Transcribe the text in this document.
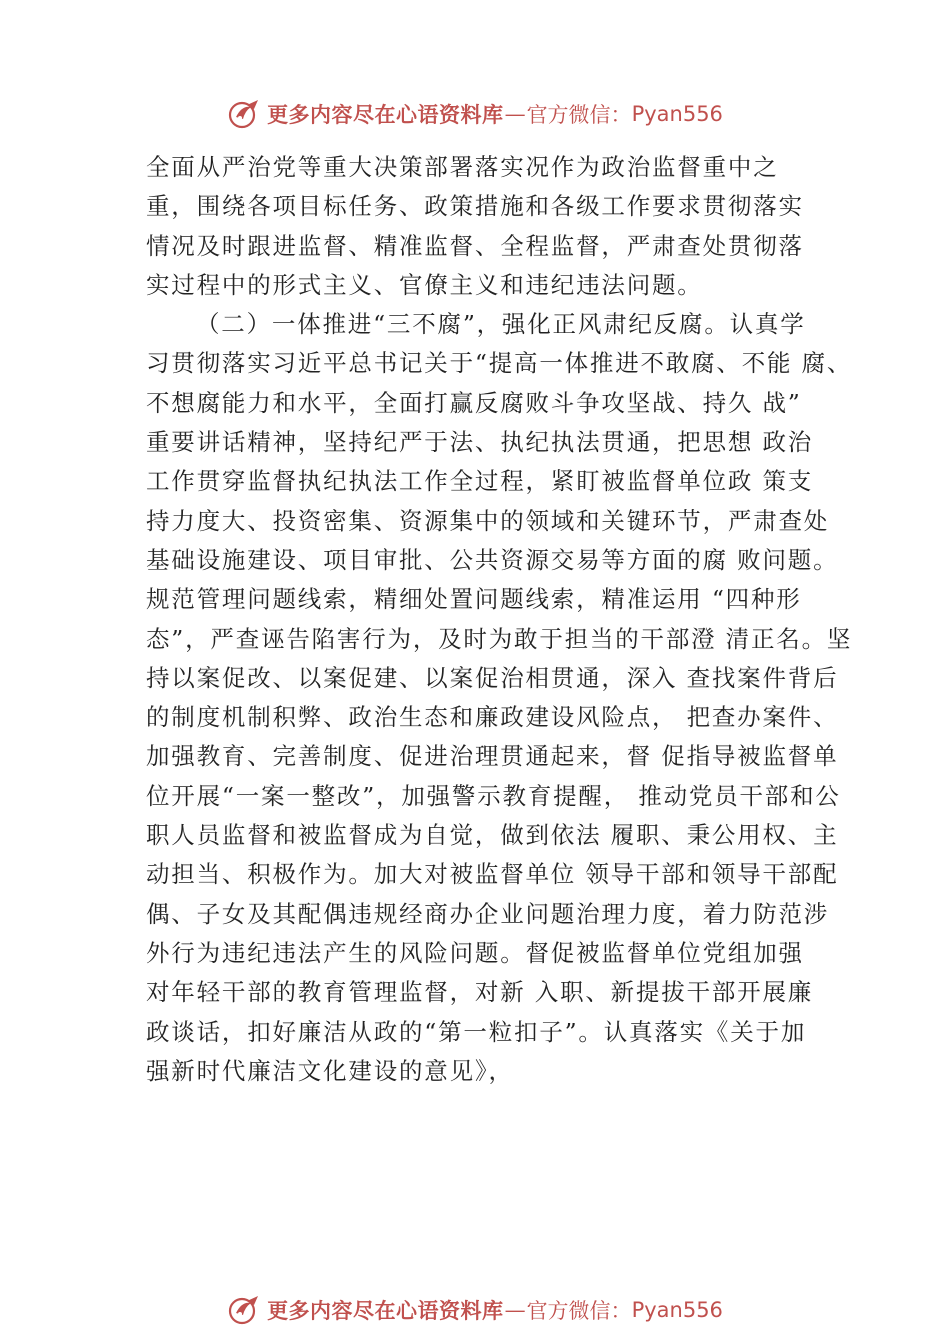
更多内容尽在心语资料库 — 官方微信： Pyan556
全面从严治党等重大决策部署落实况作为政治监督重中之
重，围绕各项目标任务、政策措施和各级工作要求贯彻落实
情况及时跟进监督、精准监督、全程监督，严肃查处贯彻落
实过程中的形式主义、官僚主义和违纪违法问题。
（二）一体推进“三不腐”，强化正风肃纪反腐。认真学
习贯彻落实习近平总书记关于“提高一体推进不敢腐、不能 腐、
不想腐能力和水平，全面打赢反腐败斗争攻坚战、持久 战”
重要讲话精神，坚持纪严于法、执纪执法贯通，把思想 政治
工作贯穿监督执纪执法工作全过程，紧盯被监督单位政 策支
持力度大、投资密集、资源集中的领域和关键环节，严肃查处
基础设施建设、项目审批、公共资源交易等方面的腐 败问题。
规范管理问题线索，精细处置问题线索，精准运用 “四种形
态”，严查诬告陷害行为，及时为敢于担当的干部澄 清正名。坚
持以案促改、以案促建、以案促治相贯通，深入 查找案件背后
的制度机制积弊、政治生态和廉政建设风险点， 把查办案件、
加强教育、完善制度、促进治理贯通起来，督 促指导被监督单
位开展“一案一整改”，加强警示教育提醒， 推动党员干部和公
职人员监督和被监督成为自觉，做到依法 履职、秉公用权、主
动担当、积极作为。加大对被监督单位 领导干部和领导干部配
偶、子女及其配偶违规经商办企业问题治理力度，着力防范涉
外行为违纪违法产生的风险问题。督促被监督单位党组加强
对年轻干部的教育管理监督，对新 入职、新提拔干部开展廉
政谈话，扣好廉洁从政的“第一粒扣子”。认真落实《关于加
强新时代廉洁文化建设的意见》，
更多内容尽在心语资料库 — 官方微信： Pyan556
